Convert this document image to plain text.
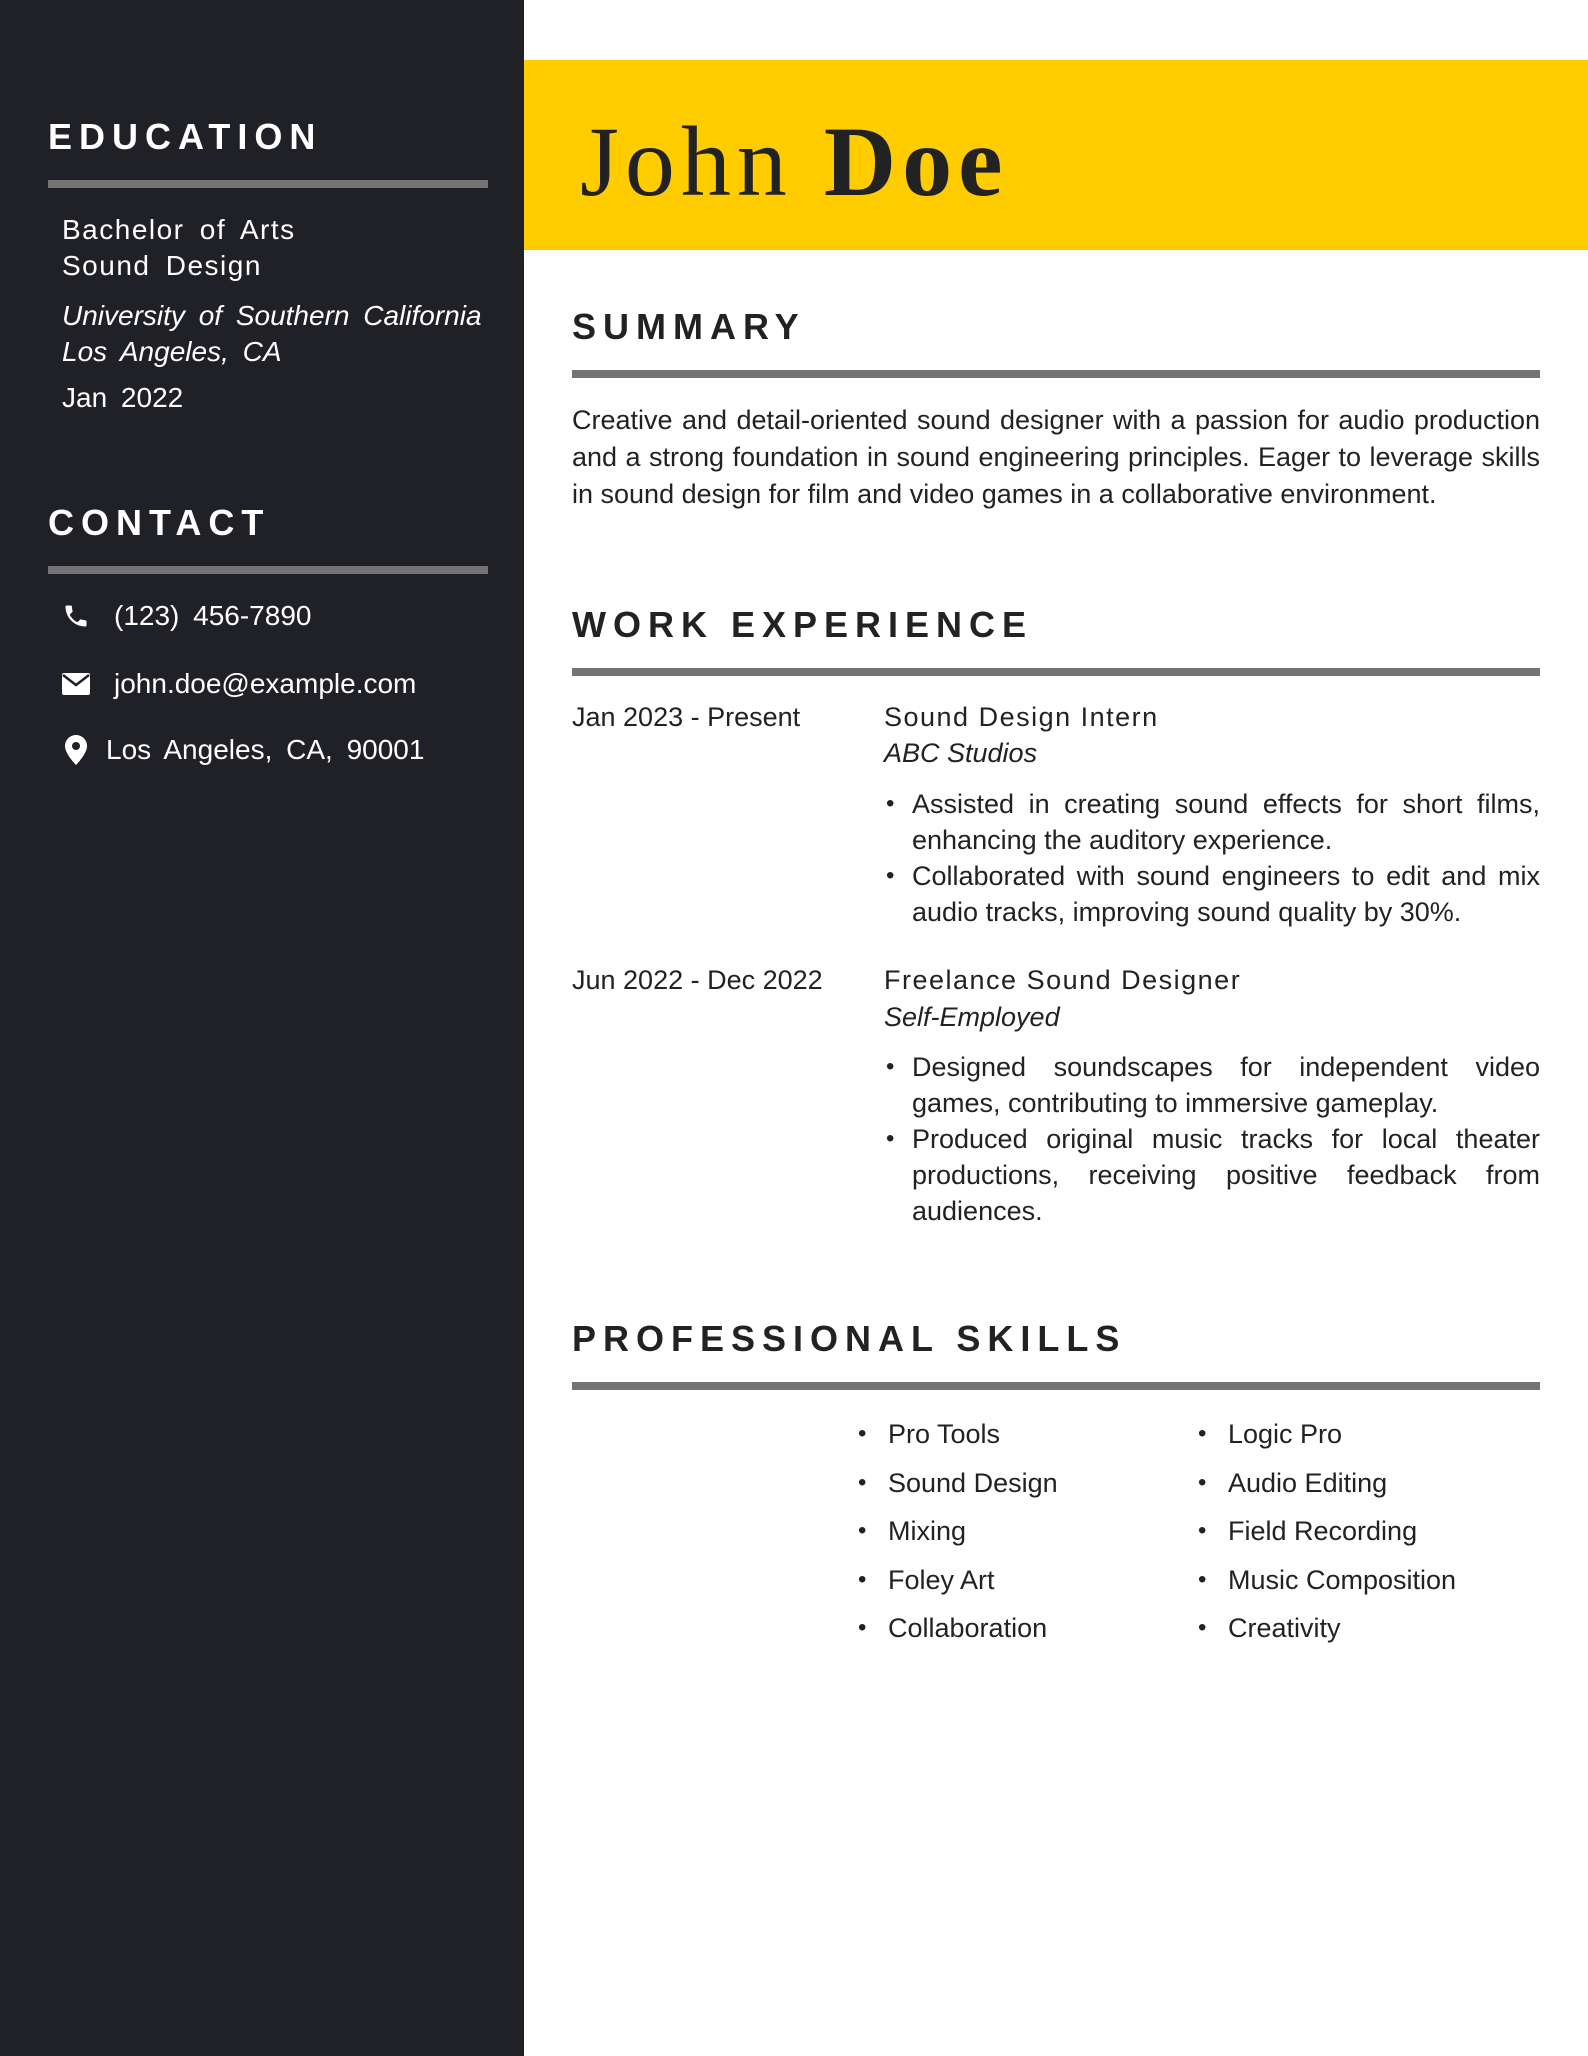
EDUCATION
Bachelor of Arts
Sound Design
University of Southern California Los Angeles, CA
Jan 2022
CONTACT
(123) 456-7890
john.doe@example.com
Los Angeles, CA, 90001
John Doe
SUMMARY
Creative and detail-oriented sound designer with a passion for audio production and a strong foundation in sound engineering principles. Eager to leverage skills in sound design for film and video games in a collaborative environment.
WORK EXPERIENCE
Jan 2023 - Present	Sound Design Intern
ABC Studios
• Assisted in creating sound effects for short films, enhancing the auditory experience.
• Collaborated with sound engineers to edit and mix audio tracks, improving sound quality by 30%.
Jun 2022 - Dec 2022 Freelance Sound Designer
Self-Employed
• Designed soundscapes for independent video games, contributing to immersive gameplay.
• Produced original music tracks for local theater productions, receiving positive feedback from audiences.
PROFESSIONAL SKILLS
• Pro Tools
• Sound Design
• Mixing
• Foley Art
• Collaboration
• Logic Pro
• Audio Editing
• Field Recording
• Music Composition
• Creativity
